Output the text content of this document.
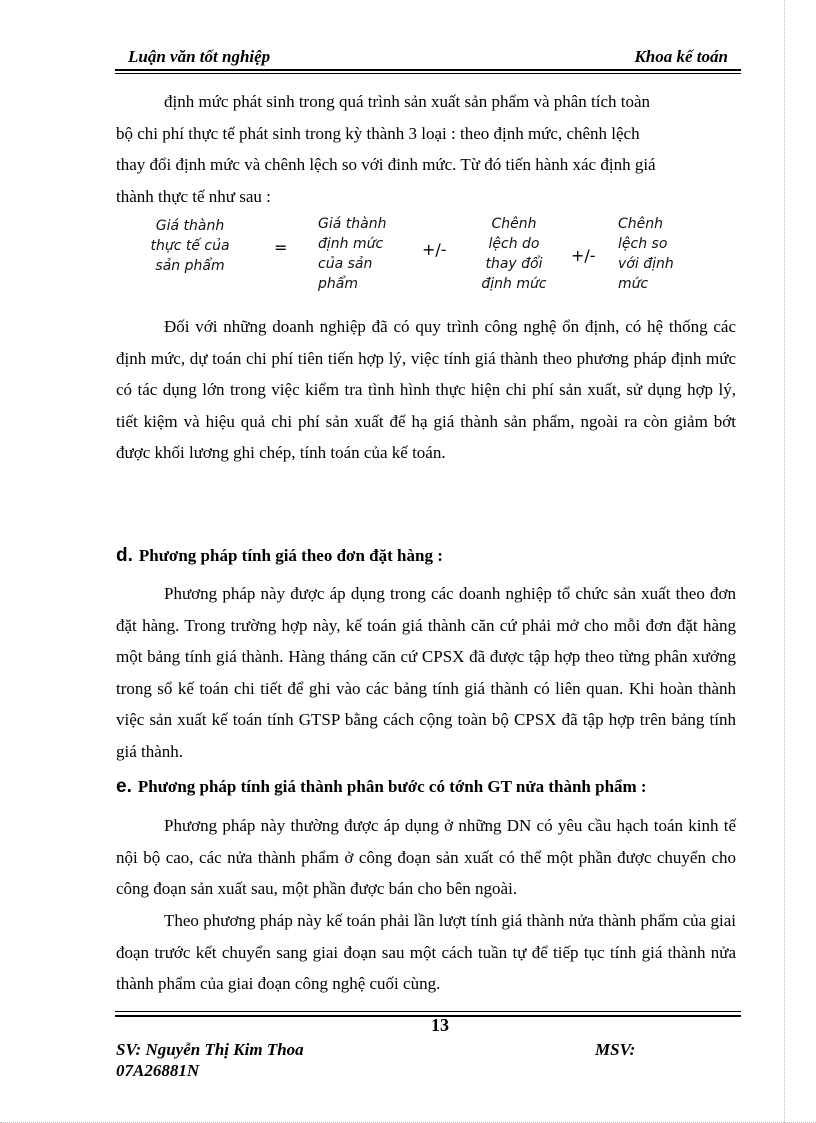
Luận văn tốt nghiệp	Khoa kế toán
định mức phát sinh trong quá trình sản xuất sản phẩm và phân tích toàn
bộ chi phí thực tế phát sinh trong kỳ thành 3 loại : theo định mức, chênh lệch
thay đổi định mức và chênh lệch so với đinh mức. Từ đó tiến hành xác định giá
thành thực tế như sau :
Giá thành
thực tế của
sản phẩm
=
Giá thành
định mức
của sản
phẩm
+/-
Chênh
lệch do
thay đổi
định mức
+/-
Chênh
lệch so
với định
mức

Đối với những doanh nghiệp đã có quy trình công nghệ ổn định, có hệ thống các định mức, dự toán chi phí tiên tiến hợp lý, việc tính giá thành theo phương pháp định mức có tác dụng lớn trong việc kiểm tra tình hình thực hiện chi phí sản xuất, sử dụng hợp lý, tiết kiệm và hiệu quả chi phí sản xuất để hạ giá thành sản phẩm, ngoài ra còn giảm bớt được khối lương ghi chép, tính toán của kế toán.

d. Phương pháp tính giá theo đơn đặt hàng :

Phương pháp này được áp dụng trong các doanh nghiệp tổ chức sản xuất theo đơn đặt hàng. Trong trường hợp này, kế toán giá thành căn cứ phải mở cho mỗi đơn đặt hàng một bảng tính giá thành. Hàng tháng căn cứ CPSX đã được tập hợp theo từng phân xưởng trong sổ kế toán chi tiết để ghi vào các bảng tính giá thành có liên quan. Khi hoàn thành việc sản xuất kế toán tính GTSP bằng cách cộng toàn bộ CPSX đã tập hợp trên bảng tính giá thành.

e. Phương pháp tính giá thành phân bước có tớnh GT nửa thành phẩm :

Phương pháp này thường được áp dụng ở những DN có yêu cầu hạch toán kinh tế nội bộ cao, các nửa thành phẩm ở công đoạn sản xuất có thể một phần được chuyển cho công đoạn sản xuất sau, một phần được bán cho bên ngoài.

Theo phương pháp này kế toán phải lần lượt tính giá thành nửa thành phẩm của giai đoạn trước kết chuyển sang giai đoạn sau một cách tuần tự để tiếp tục tính giá thành nửa thành phẩm của giai đoạn công nghệ cuối cùng.

13
SV: Nguyễn Thị Kim Thoa	MSV:
07A26881N
